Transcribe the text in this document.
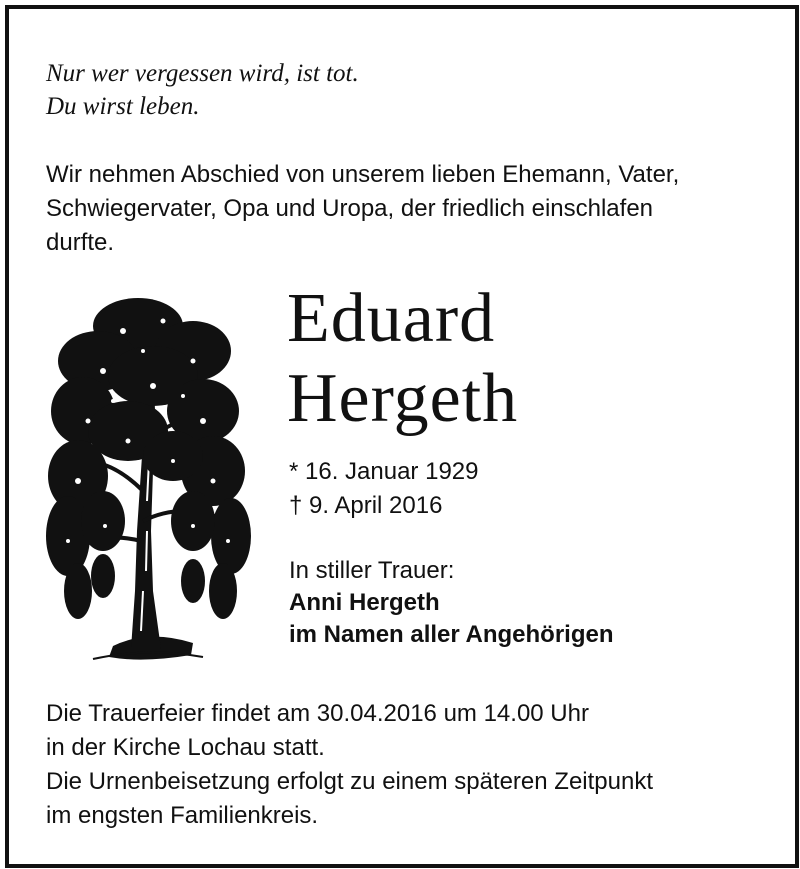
Nur wer vergessen wird, ist tot.
Du wirst leben.
Wir nehmen Abschied von unserem lieben Ehemann, Vater,
Schwiegervater, Opa und Uropa, der friedlich einschlafen
durfte.
Eduard
Hergeth
* 16. Januar 1929
† 9. April 2016
In stiller Trauer:
Anni Hergeth
im Namen aller Angehörigen
Die Trauerfeier findet am 30.04.2016 um 14.00 Uhr
in der Kirche Lochau statt.
Die Urnenbeisetzung erfolgt zu einem späteren Zeitpunkt
im engsten Familienkreis.
